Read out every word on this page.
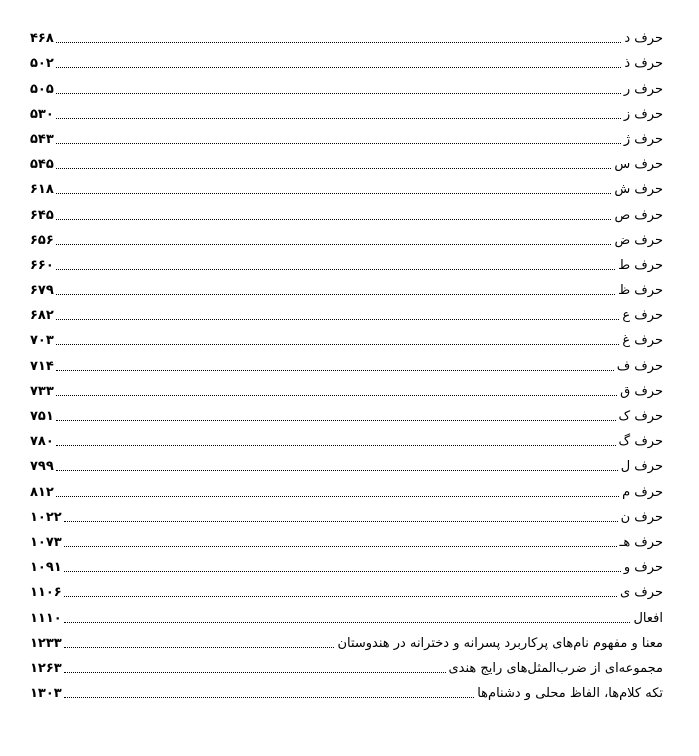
حرف د
۴۶۸
حرف ذ
۵۰۲
حرف ر
۵۰۵
حرف ز
۵۳۰
حرف ژ
۵۴۳
حرف س
۵۴۵
حرف ش
۶۱۸
حرف ص
۶۴۵
حرف ض
۶۵۶
حرف ط
۶۶۰
حرف ظ
۶۷۹
حرف ع
۶۸۲
حرف غ
۷۰۳
حرف ف
۷۱۴
حرف ق
۷۳۳
حرف ک
۷۵۱
حرف گ
۷۸۰
حرف ل
۷۹۹
حرف م
۸۱۲
حرف ن
۱۰۲۲
حرف هـ
۱۰۷۳
حرف و
۱۰۹۱
حرف ی
۱۱۰۶
افعال
۱۱۱۰
معنا و مفهوم نام‌های پرکاربرد پسرانه و دخترانه در هندوستان
۱۲۳۳
مجموعه‌ای از ضرب‌المثل‌های رایج هندی
۱۲۶۳
تکه کلام‌ها، الفاظ محلی و دشنام‌ها
۱۳۰۳
